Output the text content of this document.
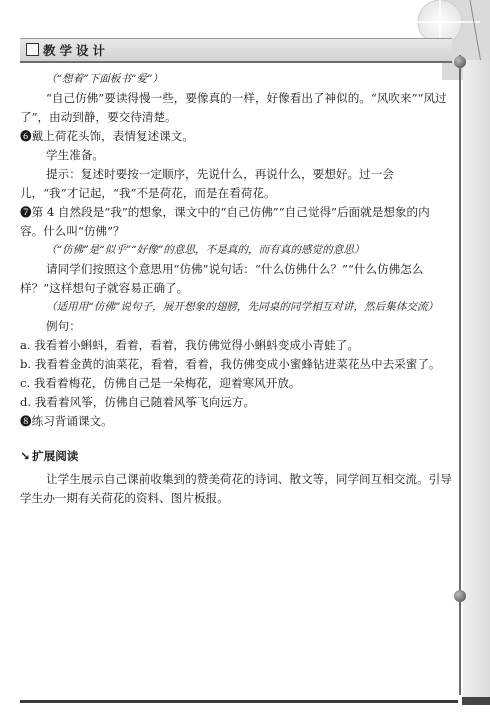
教学设计

（“想着”下面板书“爱”）

“自己仿佛”要读得慢一些，要像真的一样，好像看出了神似的。“风吹来”“风过了”，由动到静，要交待清楚。

❻戴上荷花头饰，表情复述课文。

学生准备。

提示：复述时要按一定顺序，先说什么，再说什么，要想好。过一会儿，“我”才记起，“我”不是荷花，而是在看荷花。

❼第 4 自然段是“我”的想象，课文中的“自己仿佛”“自己觉得”后面就是想象的内容。什么叫“仿佛”？

（“仿佛”是“似乎”“好像”的意思，不是真的，而有真的感觉的意思）

请同学们按照这个意思用“仿佛”说句话：“什么仿佛什么？”“什么仿佛怎么样？”这样想句子就容易正确了。

（适用用“仿佛”说句子，展开想象的翅膀，先同桌的同学相互对讲，然后集体交流）

例句：

a. 我看着小蝌蚪，看着，看着，我仿佛觉得小蝌蚪变成小青蛙了。

b. 我看着金黄的油菜花，看着，看着，我仿佛变成小蜜蜂钻进菜花丛中去采蜜了。

c. 我看着梅花，仿佛自己是一朵梅花，迎着寒风开放。

d. 我看着风筝，仿佛自己随着风筝飞向远方。

❽练习背诵课文。

↘ 扩展阅读

让学生展示自己课前收集到的赞美荷花的诗词、散文等，同学间互相交流。引导学生办一期有关荷花的资料、图片板报。
